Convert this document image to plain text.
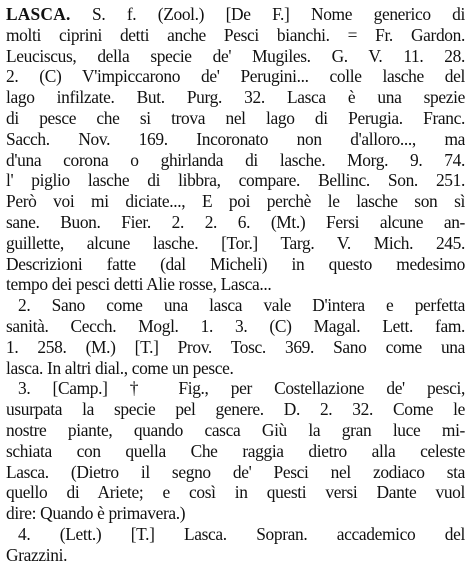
LASCA. S. f. (Zool.) [De F.] Nome generico di
molti ciprini detti anche Pesci bianchi. = Fr. Gardon.
Leuciscus, della specie de' Mugiles. G. V. 11. 28.
2. (C) V'impiccarono de' Perugini... colle lasche del
lago infilzate. But. Purg. 32. Lasca è una spezie
di pesce che si trova nel lago di Perugia. Franc.
Sacch. Nov. 169. Incoronato non d'alloro..., ma
d'una corona o ghirlanda di lasche. Morg. 9. 74.
l' piglio lasche di libbra, compare. Bellinc. Son. 251.
Però voi mi diciate..., E poi perchè le lasche son sì
sane. Buon. Fier. 2. 2. 6. (Mt.) Fersi alcune an-
guillette, alcune lasche. [Tor.] Targ. V. Mich. 245.
Descrizioni fatte (dal Micheli) in questo medesimo
tempo dei pesci detti Alie rosse, Lasca...
2. Sano come una lasca vale D'intera e perfetta
sanità. Cecch. Mogl. 1. 3. (C) Magal. Lett. fam.
1. 258. (M.) [T.] Prov. Tosc. 369. Sano come una
lasca. In altri dial., come un pesce.
3. [Camp.] † Fig., per Costellazione de' pesci,
usurpata la specie pel genere. D. 2. 32. Come le
nostre piante, quando casca Giù la gran luce mi-
schiata con quella Che raggia dietro alla celeste
Lasca. (Dietro il segno de' Pesci nel zodiaco sta
quello di Ariete; e così in questi versi Dante vuol
dire: Quando è primavera.)
4. (Lett.) [T.] Lasca. Sopran. accademico del
Grazzini.
